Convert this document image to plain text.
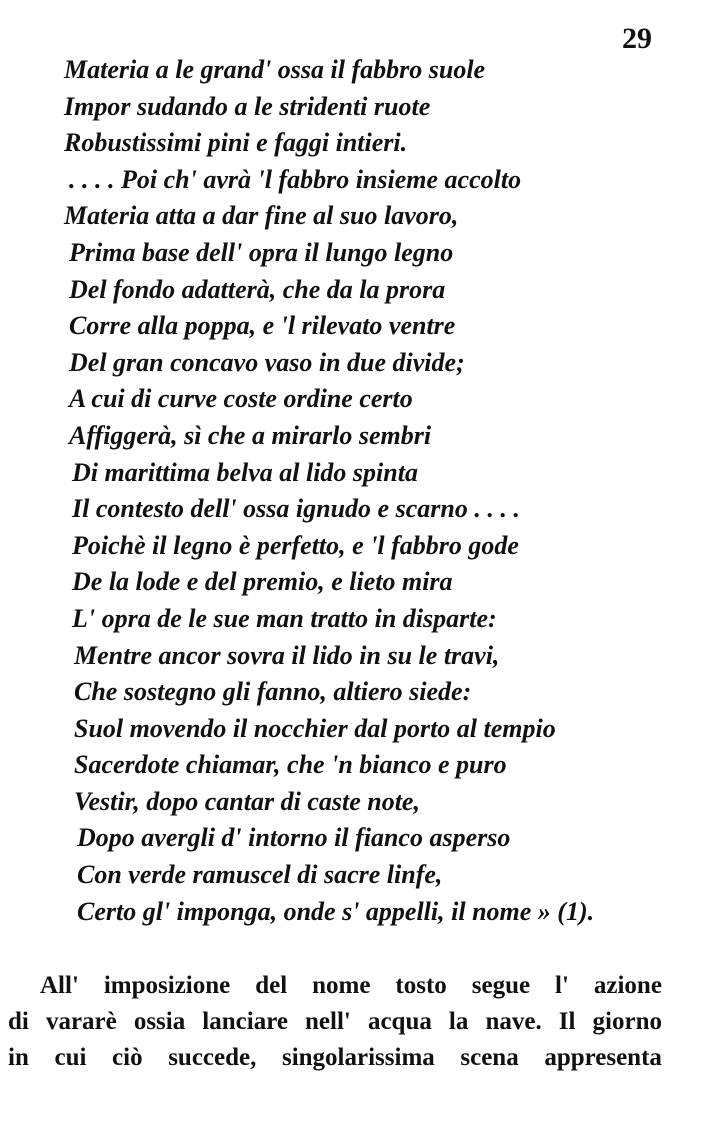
29
Materia a le grand' ossa il fabbro suole
Impor sudando a le stridenti ruote
Robustissimi pini e faggi intieri.
. . . . Poi ch' avrà 'l fabbro insieme accolto
Materia atta a dar fine al suo lavoro,
Prima base dell' opra il lungo legno
Del fondo adatterà, che da la prora
Corre alla poppa, e 'l rilevato ventre
Del gran concavo vaso in due divide;
A cui di curve coste ordine certo
Affiggerà, sì che a mirarlo sembri
Di marittima belva al lido spinta
Il contesto dell' ossa ignudo e scarno . . . .
Poichè il legno è perfetto, e 'l fabbro gode
De la lode e del premio, e lieto mira
L' opra de le sue man tratto in disparte:
Mentre ancor sovra il lido in su le travi,
Che sostegno gli fanno, altiero siede:
Suol movendo il nocchier dal porto al tempio
Sacerdote chiamar, che 'n bianco e puro
Vestir, dopo cantar di caste note,
Dopo avergli d' intorno il fianco asperso
Con verde ramuscel di sacre linfe,
Certo gl' imponga, onde s' appelli, il nome » (1).
All' imposizione del nome tosto segue l' azione
di vararè ossia lanciare nell' acqua la nave. Il giorno
in cui ciò succede, singolarissima scena appresenta
